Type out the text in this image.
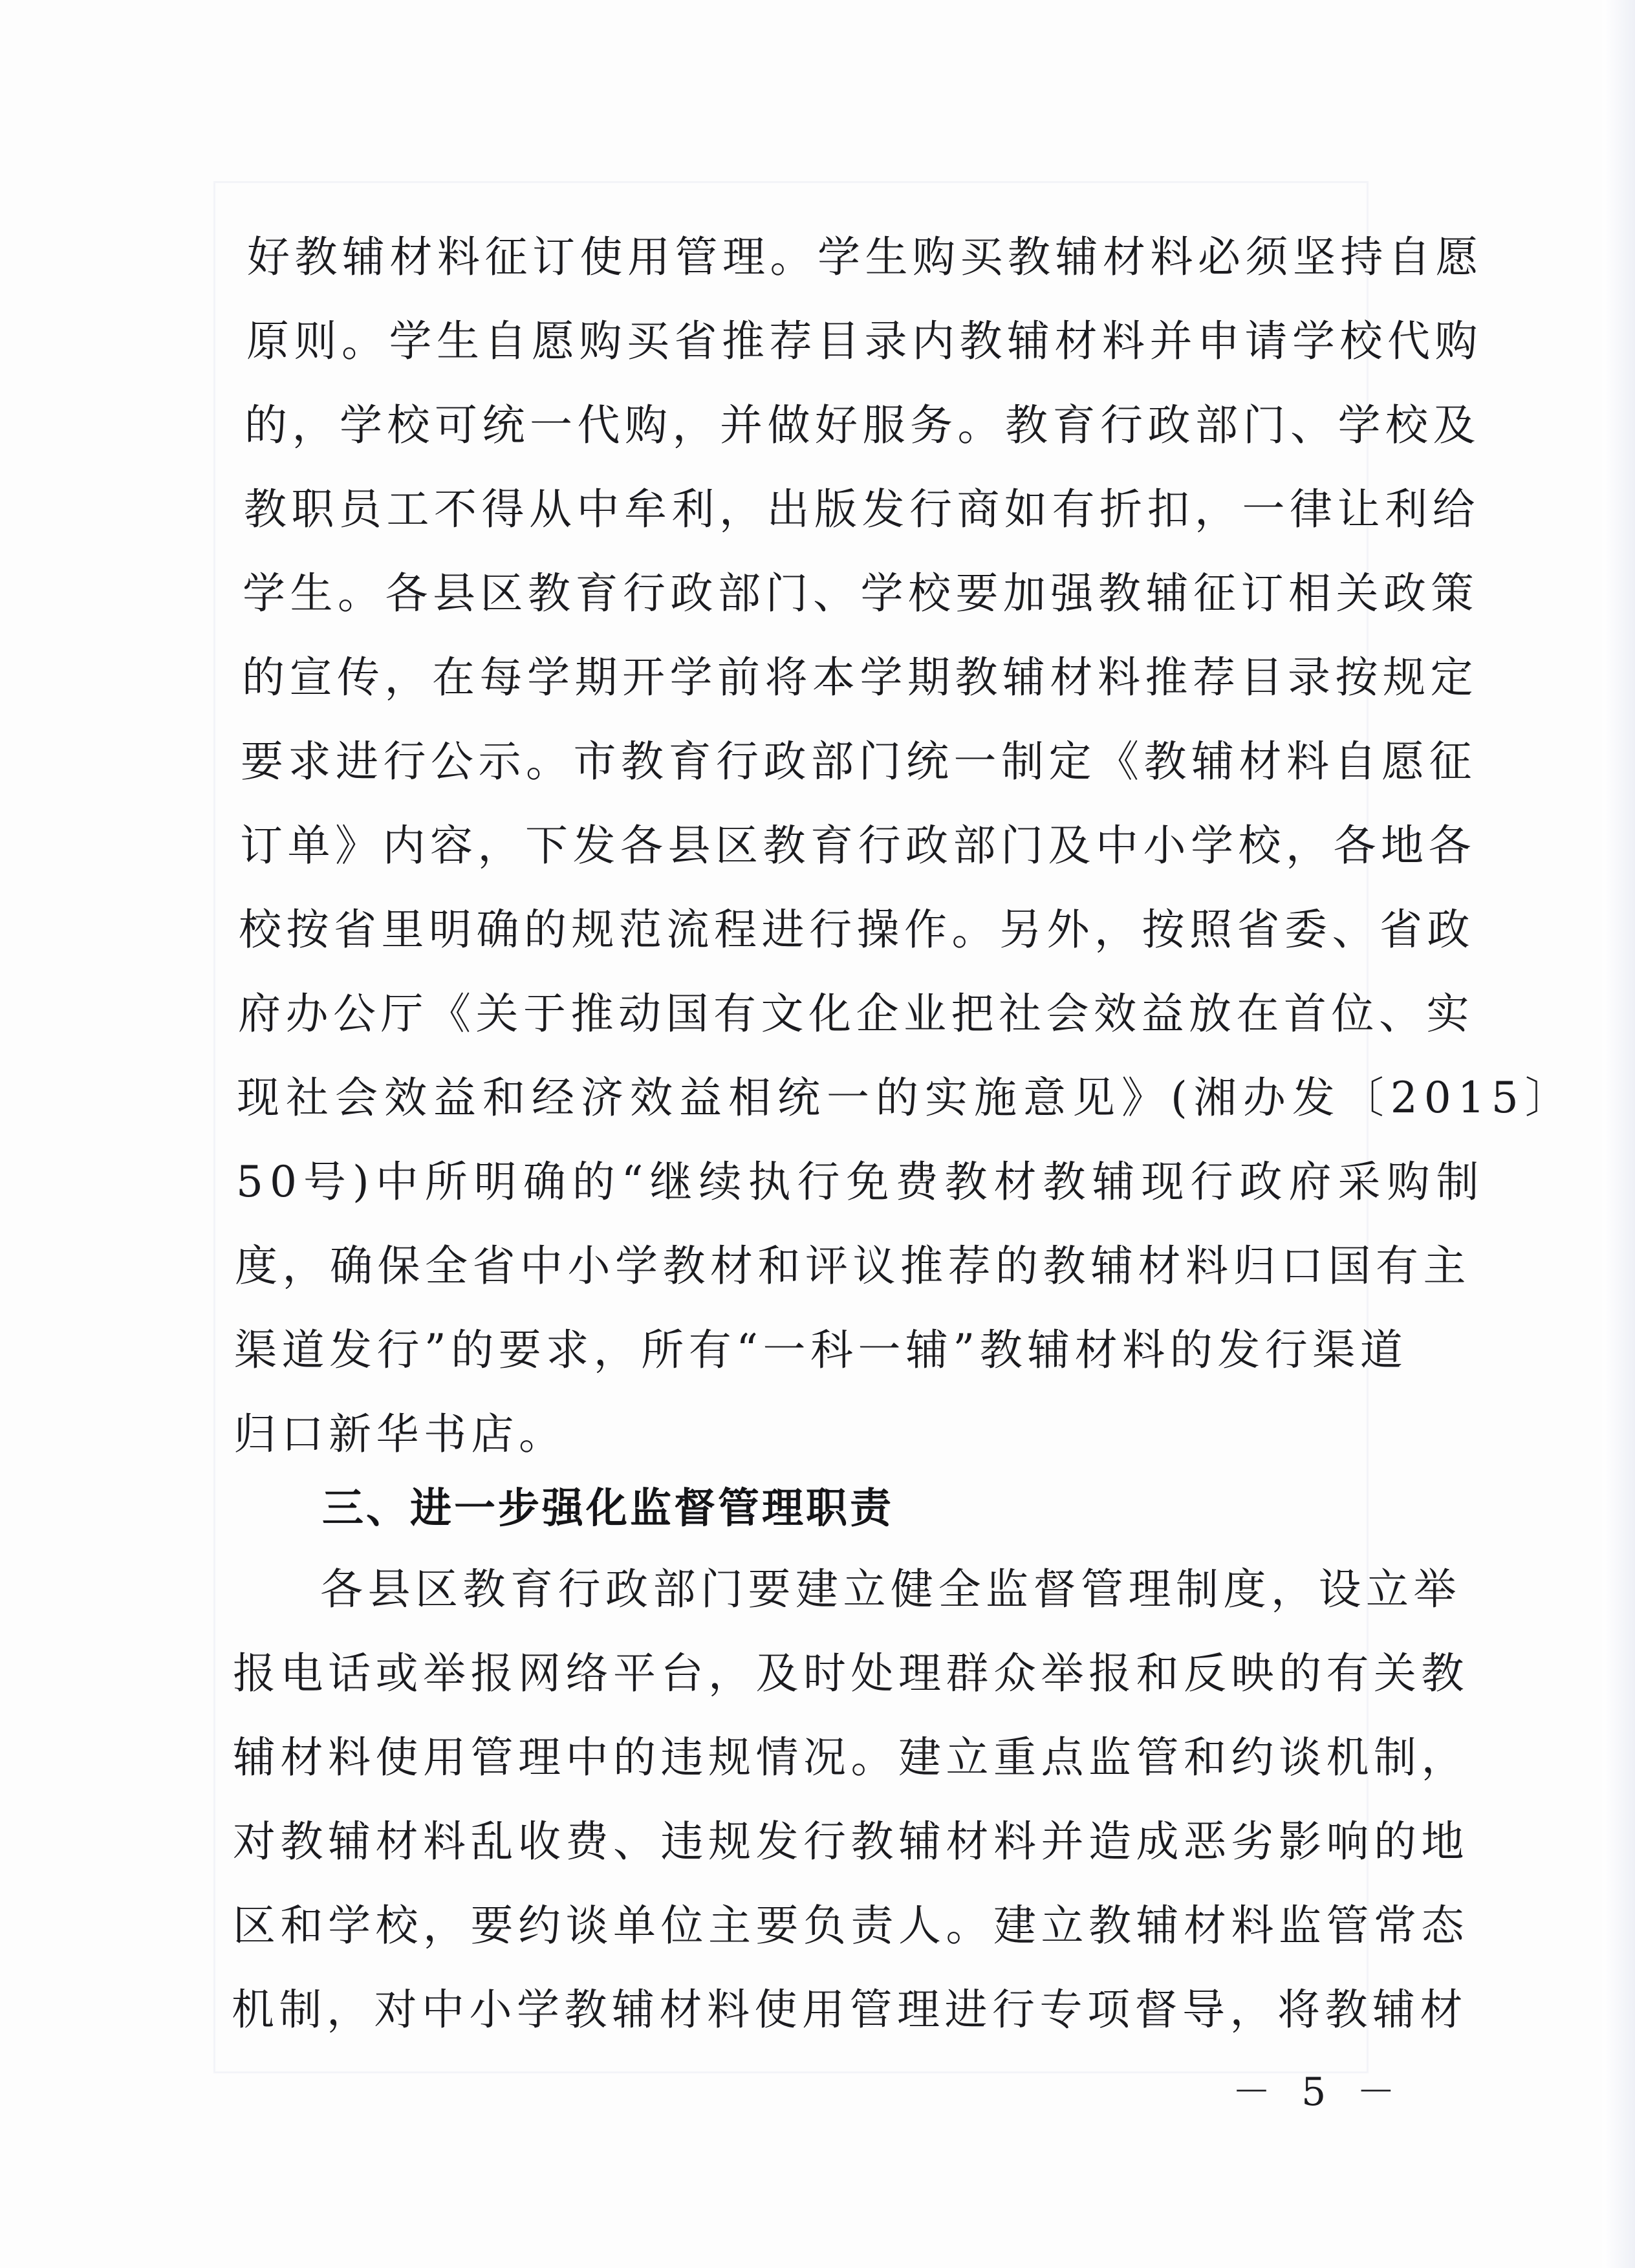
好教辅材料征订使用管理。学生购买教辅材料必须坚持自愿

原则。学生自愿购买省推荐目录内教辅材料并申请学校代购

的，学校可统一代购，并做好服务。教育行政部门、学校及

教职员工不得从中牟利，出版发行商如有折扣，一律让利给

学生。各县区教育行政部门、学校要加强教辅征订相关政策

的宣传，在每学期开学前将本学期教辅材料推荐目录按规定

要求进行公示。市教育行政部门统一制定《教辅材料自愿征

订单》内容，下发各县区教育行政部门及中小学校，各地各

校按省里明确的规范流程进行操作。另外，按照省委、省政

府办公厅《关于推动国有文化企业把社会效益放在首位、实

现社会效益和经济效益相统一的实施意见》(湘办发〔2015〕

50号)中所明确的“继续执行免费教材教辅现行政府采购制

度，确保全省中小学教材和评议推荐的教辅材料归口国有主

渠道发行”的要求，所有“一科一辅”教辅材料的发行渠道

归口新华书店。

三、进一步强化监督管理职责

各县区教育行政部门要建立健全监督管理制度，设立举

报电话或举报网络平台，及时处理群众举报和反映的有关教

辅材料使用管理中的违规情况。建立重点监管和约谈机制，

对教辅材料乱收费、违规发行教辅材料并造成恶劣影响的地

区和学校，要约谈单位主要负责人。建立教辅材料监管常态

机制，对中小学教辅材料使用管理进行专项督导，将教辅材

－ 5 －
